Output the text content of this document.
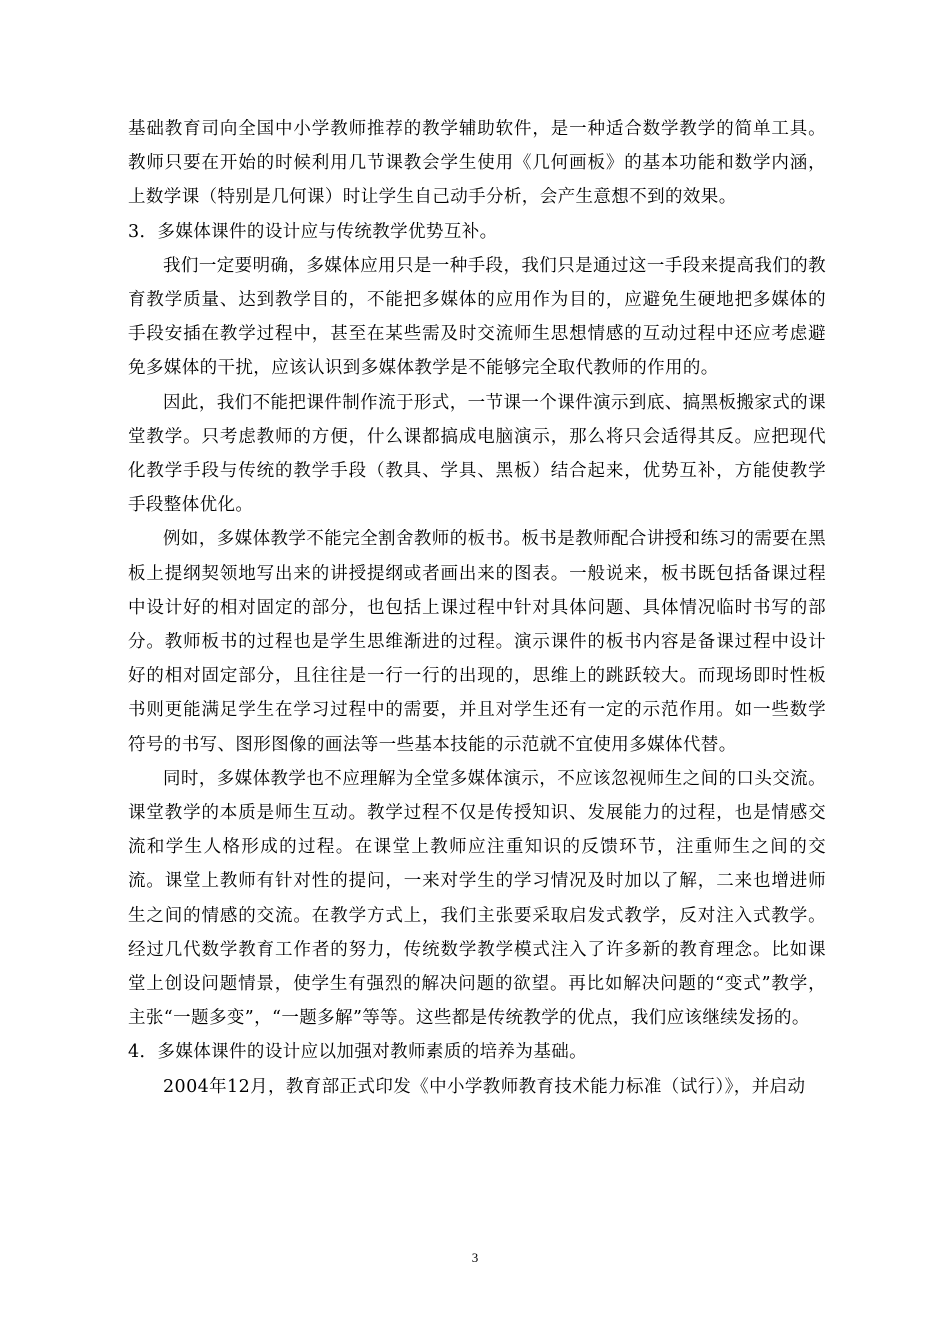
基础教育司向全国中小学教师推荐的教学辅助软件，是一种适合数学教学的简单工具。教师只要在开始的时候利用几节课教会学生使用《几何画板》的基本功能和数学内涵，上数学课（特别是几何课）时让学生自己动手分析，会产生意想不到的效果。

3．多媒体课件的设计应与传统教学优势互补。

我们一定要明确，多媒体应用只是一种手段，我们只是通过这一手段来提高我们的教育教学质量、达到教学目的，不能把多媒体的应用作为目的，应避免生硬地把多媒体的手段安插在教学过程中，甚至在某些需及时交流师生思想情感的互动过程中还应考虑避免多媒体的干扰，应该认识到多媒体教学是不能够完全取代教师的作用的。

因此，我们不能把课件制作流于形式，一节课一个课件演示到底、搞黑板搬家式的课堂教学。只考虑教师的方便，什么课都搞成电脑演示，那么将只会适得其反。应把现代化教学手段与传统的教学手段（教具、学具、黑板）结合起来，优势互补，方能使教学手段整体优化。

例如，多媒体教学不能完全割舍教师的板书。板书是教师配合讲授和练习的需要在黑板上提纲契领地写出来的讲授提纲或者画出来的图表。一般说来，板书既包括备课过程中设计好的相对固定的部分，也包括上课过程中针对具体问题、具体情况临时书写的部分。教师板书的过程也是学生思维渐进的过程。演示课件的板书内容是备课过程中设计好的相对固定部分，且往往是一行一行的出现的，思维上的跳跃较大。而现场即时性板书则更能满足学生在学习过程中的需要，并且对学生还有一定的示范作用。如一些数学符号的书写、图形图像的画法等一些基本技能的示范就不宜使用多媒体代替。

同时，多媒体教学也不应理解为全堂多媒体演示，不应该忽视师生之间的口头交流。课堂教学的本质是师生互动。教学过程不仅是传授知识、发展能力的过程，也是情感交流和学生人格形成的过程。在课堂上教师应注重知识的反馈环节，注重师生之间的交流。课堂上教师有针对性的提问，一来对学生的学习情况及时加以了解，二来也增进师生之间的情感的交流。在教学方式上，我们主张要采取启发式教学，反对注入式教学。经过几代数学教育工作者的努力，传统数学教学模式注入了许多新的教育理念。比如课堂上创设问题情景，使学生有强烈的解决问题的欲望。再比如解决问题的“变式”教学，主张“一题多变”，“一题多解”等等。这些都是传统教学的优点，我们应该继续发扬的。

4．多媒体课件的设计应以加强对教师素质的培养为基础。

2004年12月，教育部正式印发《中小学教师教育技术能力标准（试行）》，并启动

3
